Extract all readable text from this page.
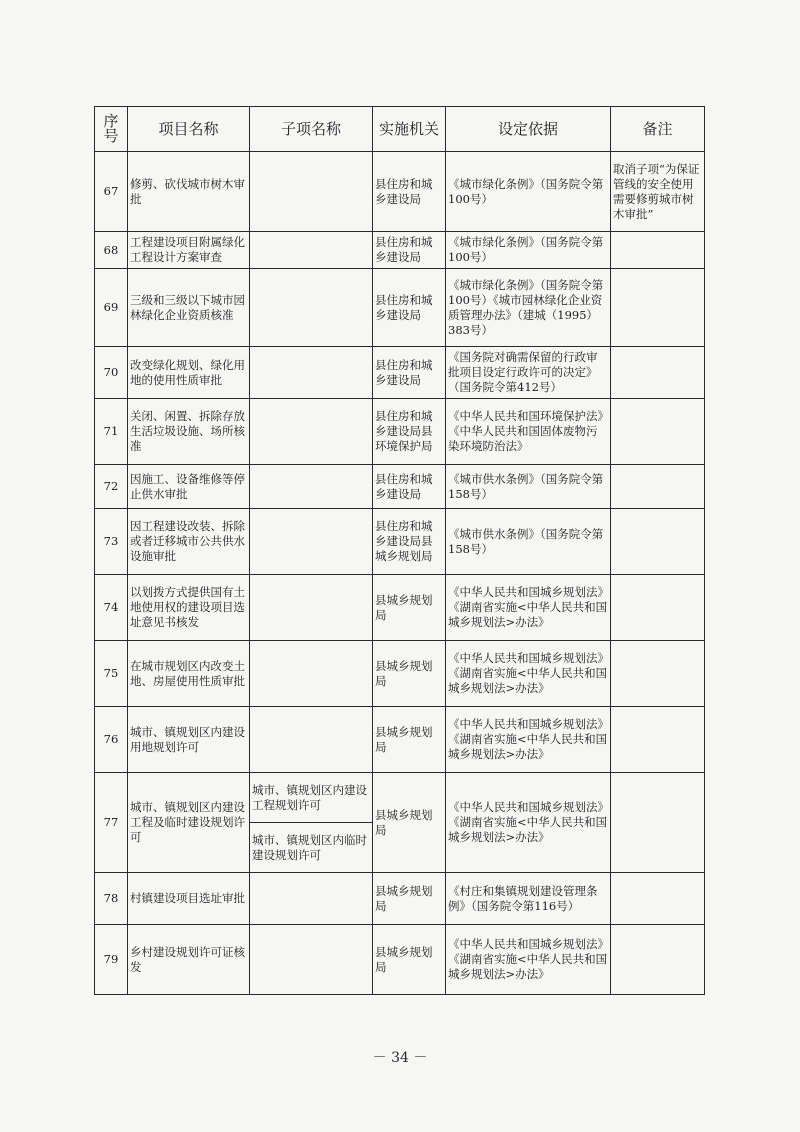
序号	项目名称	子项名称	实施机关	设定依据	备注
67	修剪、砍伐城市树木审批		县住房和城乡建设局	《城市绿化条例》（国务院令第100号）	取消子项“为保证管线的安全使用需要修剪城市树木审批”
68	工程建设项目附属绿化工程设计方案审查		县住房和城乡建设局	《城市绿化条例》（国务院令第100号）	
69	三级和三级以下城市园林绿化企业资质核准		县住房和城乡建设局	《城市绿化条例》（国务院令第100号）《城市园林绿化企业资质管理办法》（建城（1995）383号）	
70	改变绿化规划、绿化用地的使用性质审批		县住房和城乡建设局	《国务院对确需保留的行政审批项目设定行政许可的决定》（国务院令第412号）	
71	关闭、闲置、拆除存放生活垃圾设施、场所核准		县住房和城乡建设局县环境保护局	《中华人民共和国环境保护法》《中华人民共和国固体废物污染环境防治法》	
72	因施工、设备维修等停止供水审批		县住房和城乡建设局	《城市供水条例》（国务院令第158号）	
73	因工程建设改装、拆除或者迁移城市公共供水设施审批		县住房和城乡建设局县城乡规划局	《城市供水条例》（国务院令第158号）	
74	以划拨方式提供国有土地使用权的建设项目选址意见书核发		县城乡规划局	《中华人民共和国城乡规划法》《湖南省实施<中华人民共和国城乡规划法>办法》	
75	在城市规划区内改变土地、房屋使用性质审批		县城乡规划局	《中华人民共和国城乡规划法》《湖南省实施<中华人民共和国城乡规划法>办法》	
76	城市、镇规划区内建设用地规划许可		县城乡规划局	《中华人民共和国城乡规划法》《湖南省实施<中华人民共和国城乡规划法>办法》	
77	城市、镇规划区内建设工程及临时建设规划许可	城市、镇规划区内建设工程规划许可	县城乡规划局	《中华人民共和国城乡规划法》《湖南省实施<中华人民共和国城乡规划法>办法》	
		城市、镇规划区内临时建设规划许可			
78	村镇建设项目选址审批		县城乡规划局	《村庄和集镇规划建设管理条例》（国务院令第116号）	
79	乡村建设规划许可证核发		县城乡规划局	《中华人民共和国城乡规划法》《湖南省实施<中华人民共和国城乡规划法>办法》	
－ 34 －
